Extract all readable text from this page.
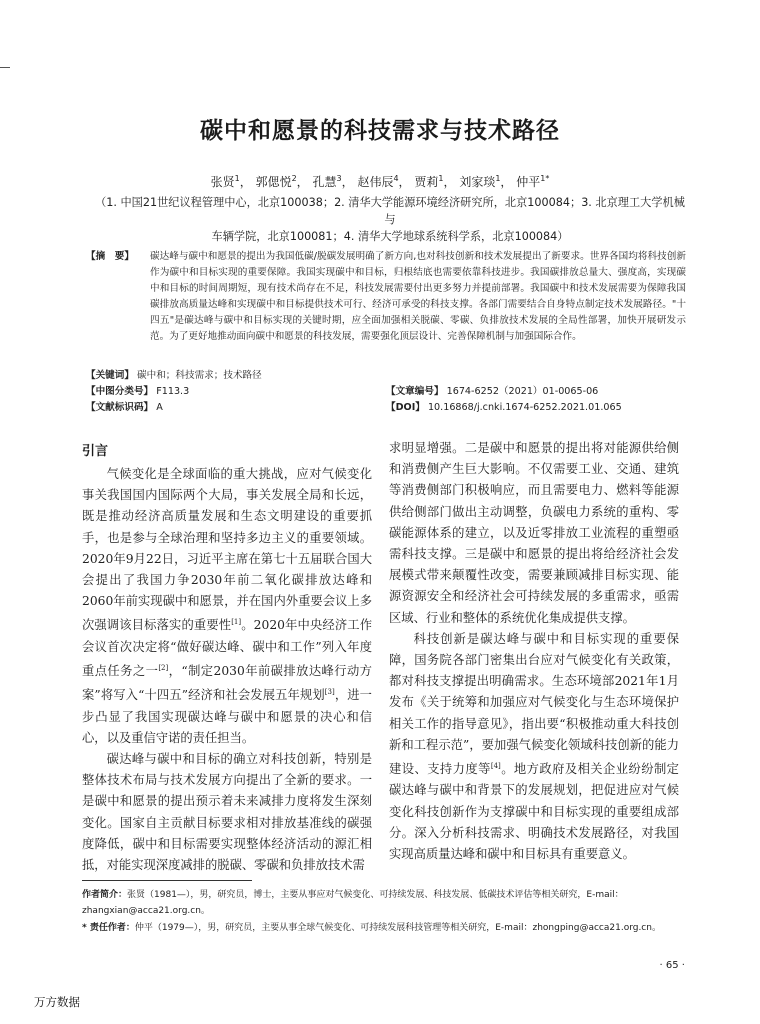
碳中和愿景的科技需求与技术路径
张贤$^1$， 郭偲悦$^2$， 孔慧$^3$， 赵伟辰$^4$， 贾莉$^1$， 刘家琰$^1$， 仲平$^{1*}$
（1. 中国21世纪议程管理中心，北京100038；2. 清华大学能源环境经济研究所，北京100084；3. 北京理工大学机械与
车辆学院，北京100081；4. 清华大学地球系统科学系，北京100084）
【摘　要】	碳达峰与碳中和愿景的提出为我国低碳/脱碳发展明确了新方向,也对科技创新和技术发展提出了新要求。世界各国均将科技创新作为碳中和目标实现的重要保障。我国实现碳中和目标，归根结底也需要依靠科技进步。我国碳排放总量大、强度高，实现碳中和目标的时间周期短，现有技术尚存在不足，科技发展需要付出更多努力并提前部署。我国碳中和技术发展需要为保障我国碳排放高质量达峰和实现碳中和目标提供技术可行、经济可承受的科技支撑。各部门需要结合自身特点制定技术发展路径。"十四五"是碳达峰与碳中和目标实现的关键时期，应全面加强相关脱碳、零碳、负排放技术发展的全局性部署，加快开展研发示范。为了更好地推动面向碳中和愿景的科技发展，需要强化顶层设计、完善保障机制与加强国际合作。
【关键词】 碳中和；科技需求；技术路径
【中图分类号】 F113.3
【文献标识码】 A
【文章编号】 1674-6252（2021）01-0065-06
【DOI】 10.16868/j.cnki.1674-6252.2021.01.065
引言

气候变化是全球面临的重大挑战，应对气候变化事关我国国内国际两个大局，事关发展全局和长远，既是推动经济高质量发展和生态文明建设的重要抓手，也是参与全球治理和坚持多边主义的重要领域。2020年9月22日，习近平主席在第七十五届联合国大会提出了我国力争2030年前二氧化碳排放达峰和2060年前实现碳中和愿景，并在国内外重要会议上多次强调该目标落实的重要性[1]。2020年中央经济工作会议首次决定将“做好碳达峰、碳中和工作”列入年度重点任务之一[2]，“制定2030年前碳排放达峰行动方案”将写入“十四五”经济和社会发展五年规划[3]，进一步凸显了我国实现碳达峰与碳中和愿景的决心和信心，以及重信守诺的责任担当。

碳达峰与碳中和目标的确立对科技创新，特别是整体技术布局与技术发展方向提出了全新的要求。一是碳中和愿景的提出预示着未来减排力度将发生深刻变化。国家自主贡献目标要求相对排放基准线的碳强度降低，碳中和目标需要实现整体经济活动的源汇相抵，对能实现深度减排的脱碳、零碳和负排放技术需

求明显增强。二是碳中和愿景的提出将对能源供给侧和消费侧产生巨大影响。不仅需要工业、交通、建筑等消费侧部门积极响应，而且需要电力、燃料等能源供给侧部门做出主动调整，负碳电力系统的重构、零碳能源体系的建立，以及近零排放工业流程的重塑亟需科技支撑。三是碳中和愿景的提出将给经济社会发展模式带来颠覆性改变，需要兼顾减排目标实现、能源资源安全和经济社会可持续发展的多重需求，亟需区域、行业和整体的系统优化集成提供支撑。

科技创新是碳达峰与碳中和目标实现的重要保障，国务院各部门密集出台应对气候变化有关政策，都对科技支撑提出明确需求。生态环境部2021年1月发布《关于统筹和加强应对气候变化与生态环境保护相关工作的指导意见》，指出要“积极推动重大科技创新和工程示范”，要加强气候变化领域科技创新的能力建设、支持力度等[4]。地方政府及相关企业纷纷制定碳达峰与碳中和背景下的发展规划，把促进应对气候变化科技创新作为支撑碳中和目标实现的重要组成部分。深入分析科技需求、明确技术发展路径，对我国实现高质量达峰和碳中和目标具有重要意义。

作者简介：张贤（1981—），男，研究员，博士，主要从事应对气候变化、可持续发展、科技发展、低碳技术评估等相关研究，E-mail：zhangxian@acca21.org.cn。
* 责任作者：仲平（1979—），男，研究员，主要从事全球气候变化、可持续发展科技管理等相关研究，E-mail：zhongping@acca21.org.cn。
· 65 ·
万方数据
